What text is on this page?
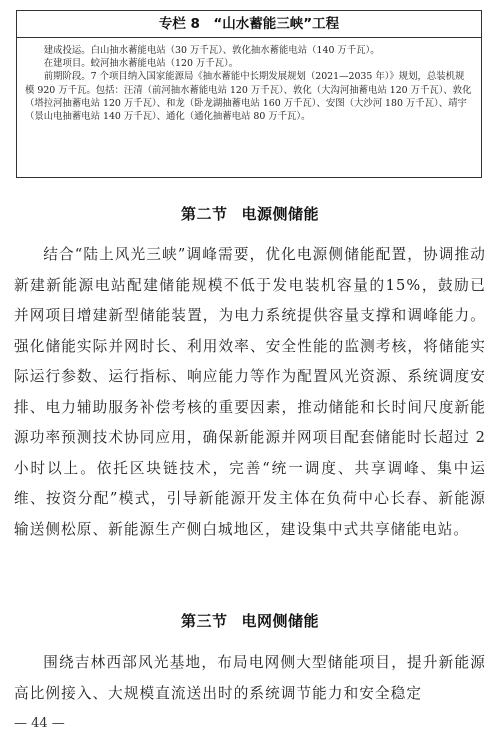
专栏 8　“山水蓄能三峡”工程

建成投运。白山抽水蓄能电站（30 万千瓦）、敦化抽水蓄能电站（140 万千瓦）。

在建项目。蛟河抽水蓄能电站（120 万千瓦）。

前期阶段。7 个项目纳入国家能源局《抽水蓄能中长期发展规划（2021—2035 年）》规划，总装机规模 920 万千瓦。包括：汪清（前河抽水蓄能电站 120 万千瓦）、敦化（大沟河抽蓄电站 120 万千瓦）、敦化（塔拉河抽蓄电站 120 万千瓦）、和龙（卧龙湖抽蓄电站 160 万千瓦）、安图（大沙河 180 万千瓦）、靖宇（景山电抽蓄电站 140 万千瓦）、通化（通化抽蓄电站 80 万千瓦）。

第二节 电源侧储能

结合“陆上风光三峡”调峰需要，优化电源侧储能配置，协调推动新建新能源电站配建储能规模不低于发电装机容量的15%，鼓励已并网项目增建新型储能装置，为电力系统提供容量支撑和调峰能力。强化储能实际并网时长、利用效率、安全性能的监测考核，将储能实际运行参数、运行指标、响应能力等作为配置风光资源、系统调度安排、电力辅助服务补偿考核的重要因素，推动储能和长时间尺度新能源功率预测技术协同应用，确保新能源并网项目配套储能时长超过 2 小时以上。依托区块链技术，完善“统一调度、共享调峰、集中运维、按资分配”模式，引导新能源开发主体在负荷中心长春、新能源输送侧松原、新能源生产侧白城地区，建设集中式共享储能电站。

第三节 电网侧储能

围绕吉林西部风光基地，布局电网侧大型储能项目，提升新能源高比例接入、大规模直流送出时的系统调节能力和安全稳定

— 44 —
